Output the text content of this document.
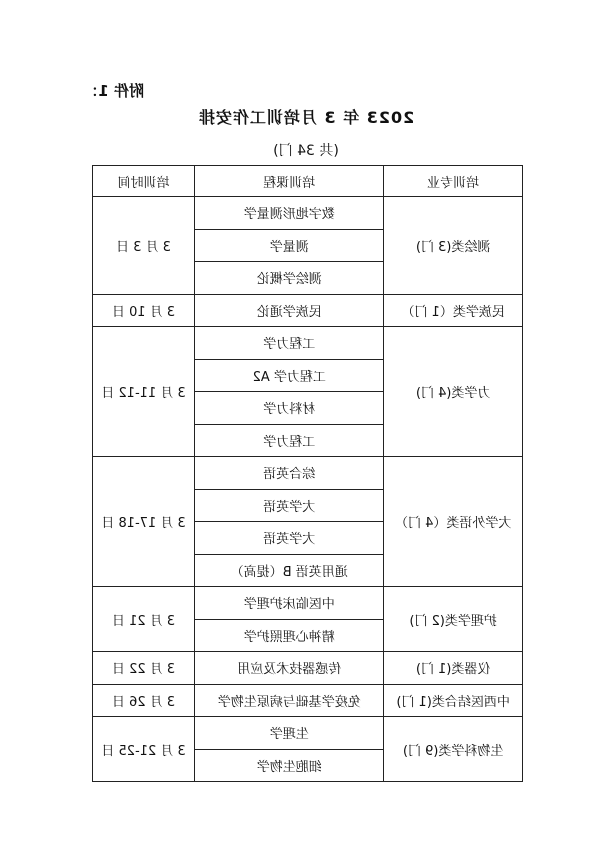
附件 1：
2023 年 3 月培训工作安排
(共 34 门)
培训专业	培训课程	培训时间
测绘类(3 门)	数字地形测量学	3 月 3 日
	测量学	
	测绘学概论	
民族学类（1 门）	民族学通论	3 月 10 日
力学类(4 门)	工程力学	3 月 11-12 日
	工程力学 A2	
	材料力学	
	工程力学	
大学外语类（4 门）	综合英语	3 月 17-18 日
	大学英语	
	大学英语	
	通用英语 B（提高）	
护理学类(2 门)	中医临床护理学	3 月 21 日
	精神心理照护学	
仪器类(1 门)	传感器技术及应用	3 月 22 日
中西医结合类(1 门)	免疫学基础与病原生物学	3 月 26 日
生物科学类(9 门)	生理学	3 月 21-25 日
	细胞生物学	
